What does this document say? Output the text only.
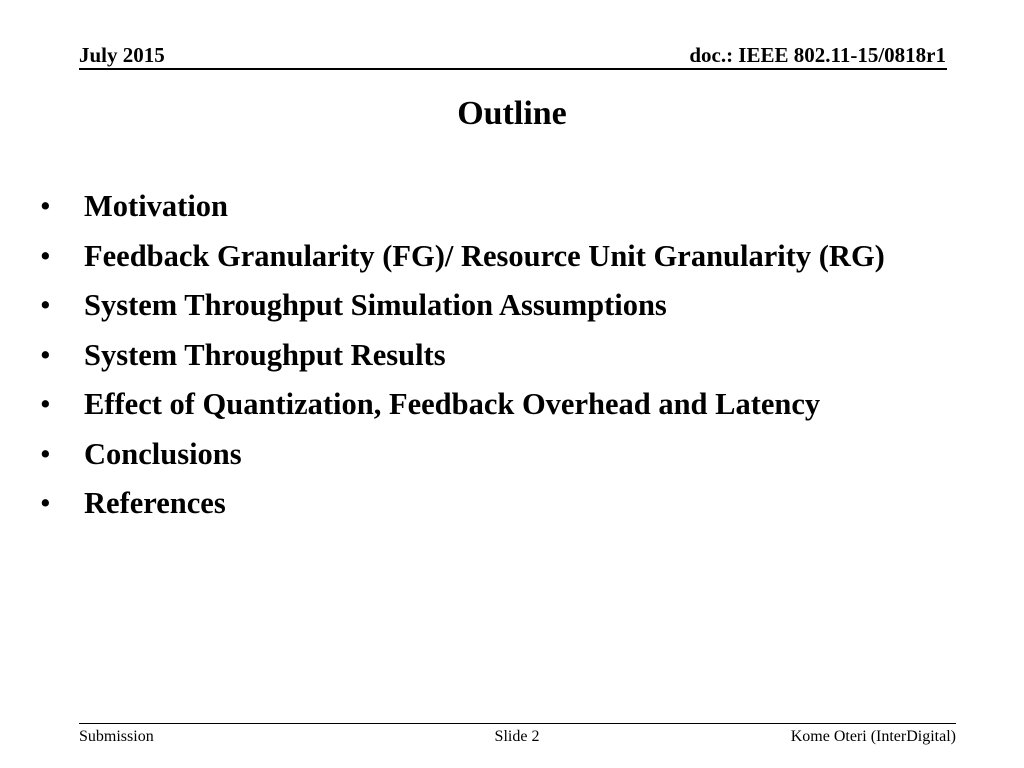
July 2015	doc.: IEEE 802.11-15/0818r1
Outline
•	Motivation
•	Feedback Granularity (FG)/ Resource Unit Granularity (RG)
•	System Throughput Simulation Assumptions
•	System Throughput Results
•	Effect of Quantization, Feedback Overhead and Latency
•	Conclusions
•	References
Submission	Slide 2	Kome Oteri (InterDigital)
